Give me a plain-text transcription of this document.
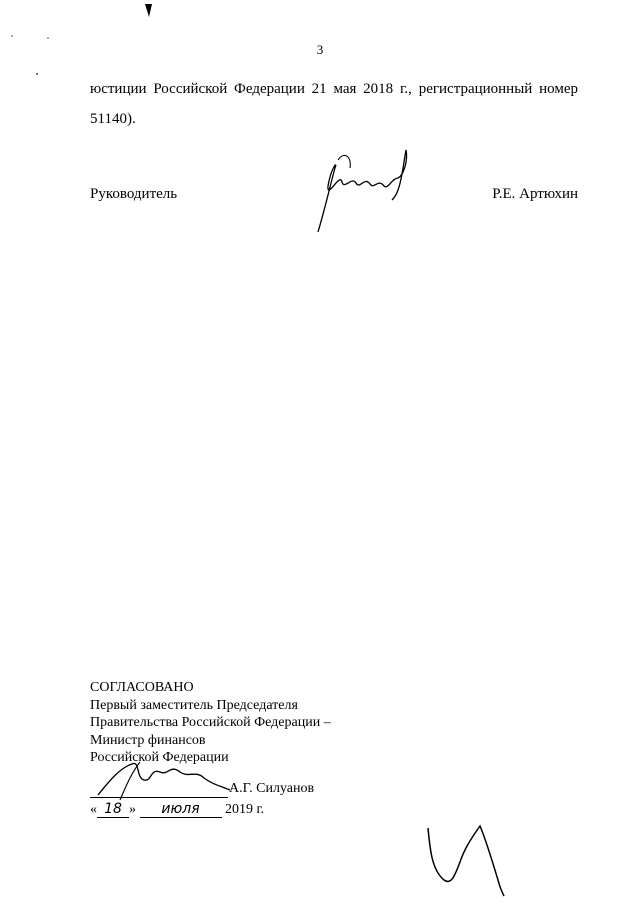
3
юстиции Российской Федерации 21 мая 2018 г., регистрационный номер 51140).
Руководитель	Р.Е. Артюхин
СОГЛАСОВАНО
Первый заместитель Председателя
Правительства Российской Федерации –
Министр финансов
Российской Федерации
А.Г. Силуанов
« 18 » июля 2019 г.
